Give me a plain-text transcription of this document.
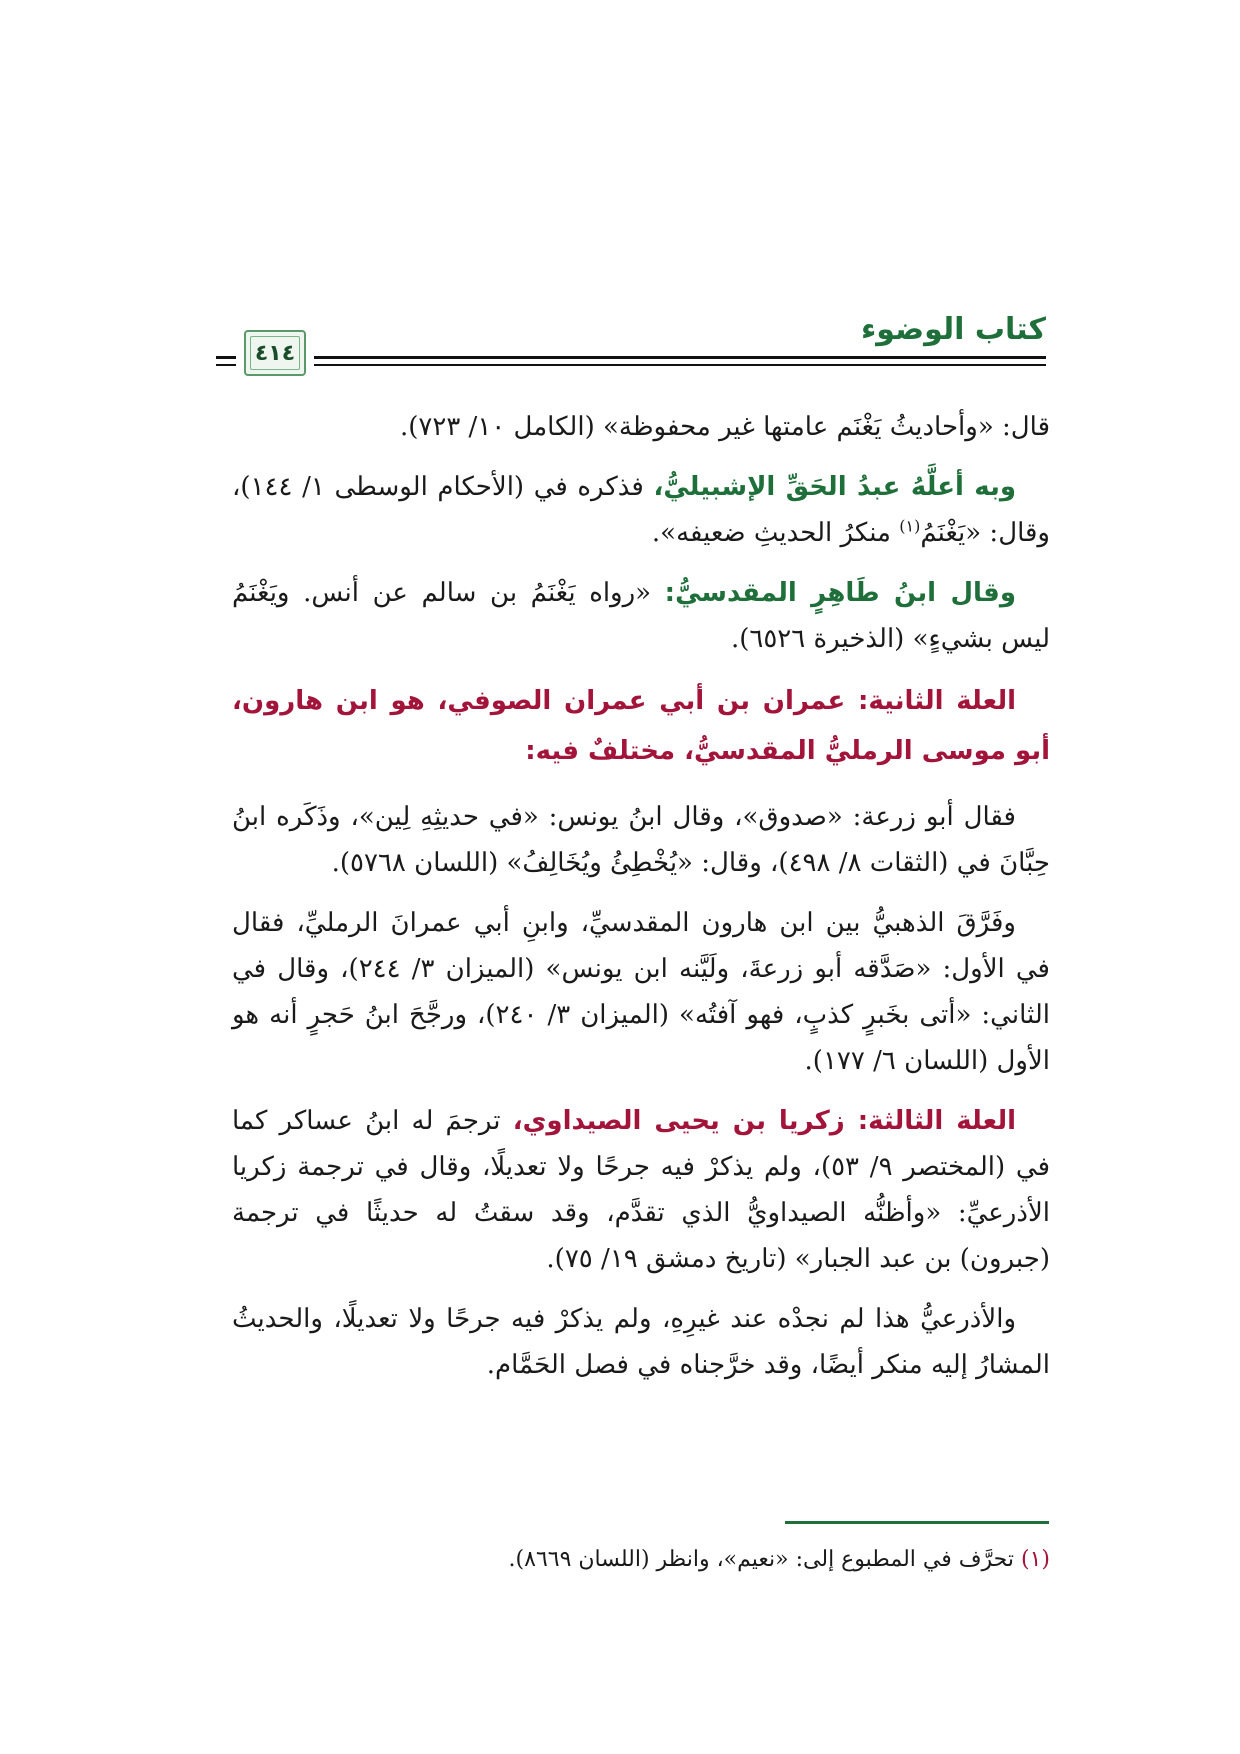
كتاب الوضوء
٤١٤

قال: «وأحاديثُ يَغْنَم عامتها غير محفوظة» (الكامل ١٠/ ٧٢٣).

وبه أعلَّهُ عبدُ الحَقِّ الإشبيليُّ، فذكره في (الأحكام الوسطى ١/ ١٤٤)، وقال: «يَغْنَمُ$^{(١)}$ منكرُ الحديثِ ضعيفه».

وقال ابنُ طَاهِرٍ المقدسيُّ: «رواه يَغْنَمُ بن سالم عن أنس. ويَغْنَمُ ليس بشيءٍ» (الذخيرة ٦٥٢٦).

العلة الثانية: عمران بن أبي عمران الصوفي، هو ابن هارون، أبو موسى الرمليُّ المقدسيُّ، مختلفٌ فيه:

فقال أبو زرعة: «صدوق»، وقال ابنُ يونس: «في حديثِهِ لِين»، وذَكَره ابنُ حِبَّانَ في (الثقات ٨/ ٤٩٨)، وقال: «يُخْطِئُ ويُخَالِفُ» (اللسان ٥٧٦٨).

وفَرَّقَ الذهبيُّ بين ابن هارون المقدسيِّ، وابنِ أبي عمرانَ الرمليِّ، فقال في الأول: «صَدَّقه أبو زرعةَ، ولَيَّنه ابن يونس» (الميزان ٣/ ٢٤٤)، وقال في الثاني: «أتى بخَبرٍ كذبٍ، فهو آفتُه» (الميزان ٣/ ٢٤٠)، ورجَّحَ ابنُ حَجرٍ أنه هو الأول (اللسان ٦/ ١٧٧).

العلة الثالثة: زكريا بن يحيى الصيداوي، ترجمَ له ابنُ عساكر كما في (المختصر ٩/ ٥٣)، ولم يذكرْ فيه جرحًا ولا تعديلًا، وقال في ترجمة زكريا الأذرعيِّ: «وأظنُّه الصيداويُّ الذي تقدَّم، وقد سقتُ له حديثًا في ترجمة (جبرون) بن عبد الجبار» (تاريخ دمشق ١٩/ ٧٥).

والأذرعيُّ هذا لم نجدْه عند غيرِهِ، ولم يذكرْ فيه جرحًا ولا تعديلًا، والحديثُ المشارُ إليه منكر أيضًا، وقد خرَّجناه في فصل الحَمَّام.

(١) تحرَّف في المطبوع إلى: «نعيم»، وانظر (اللسان ٨٦٦٩).
